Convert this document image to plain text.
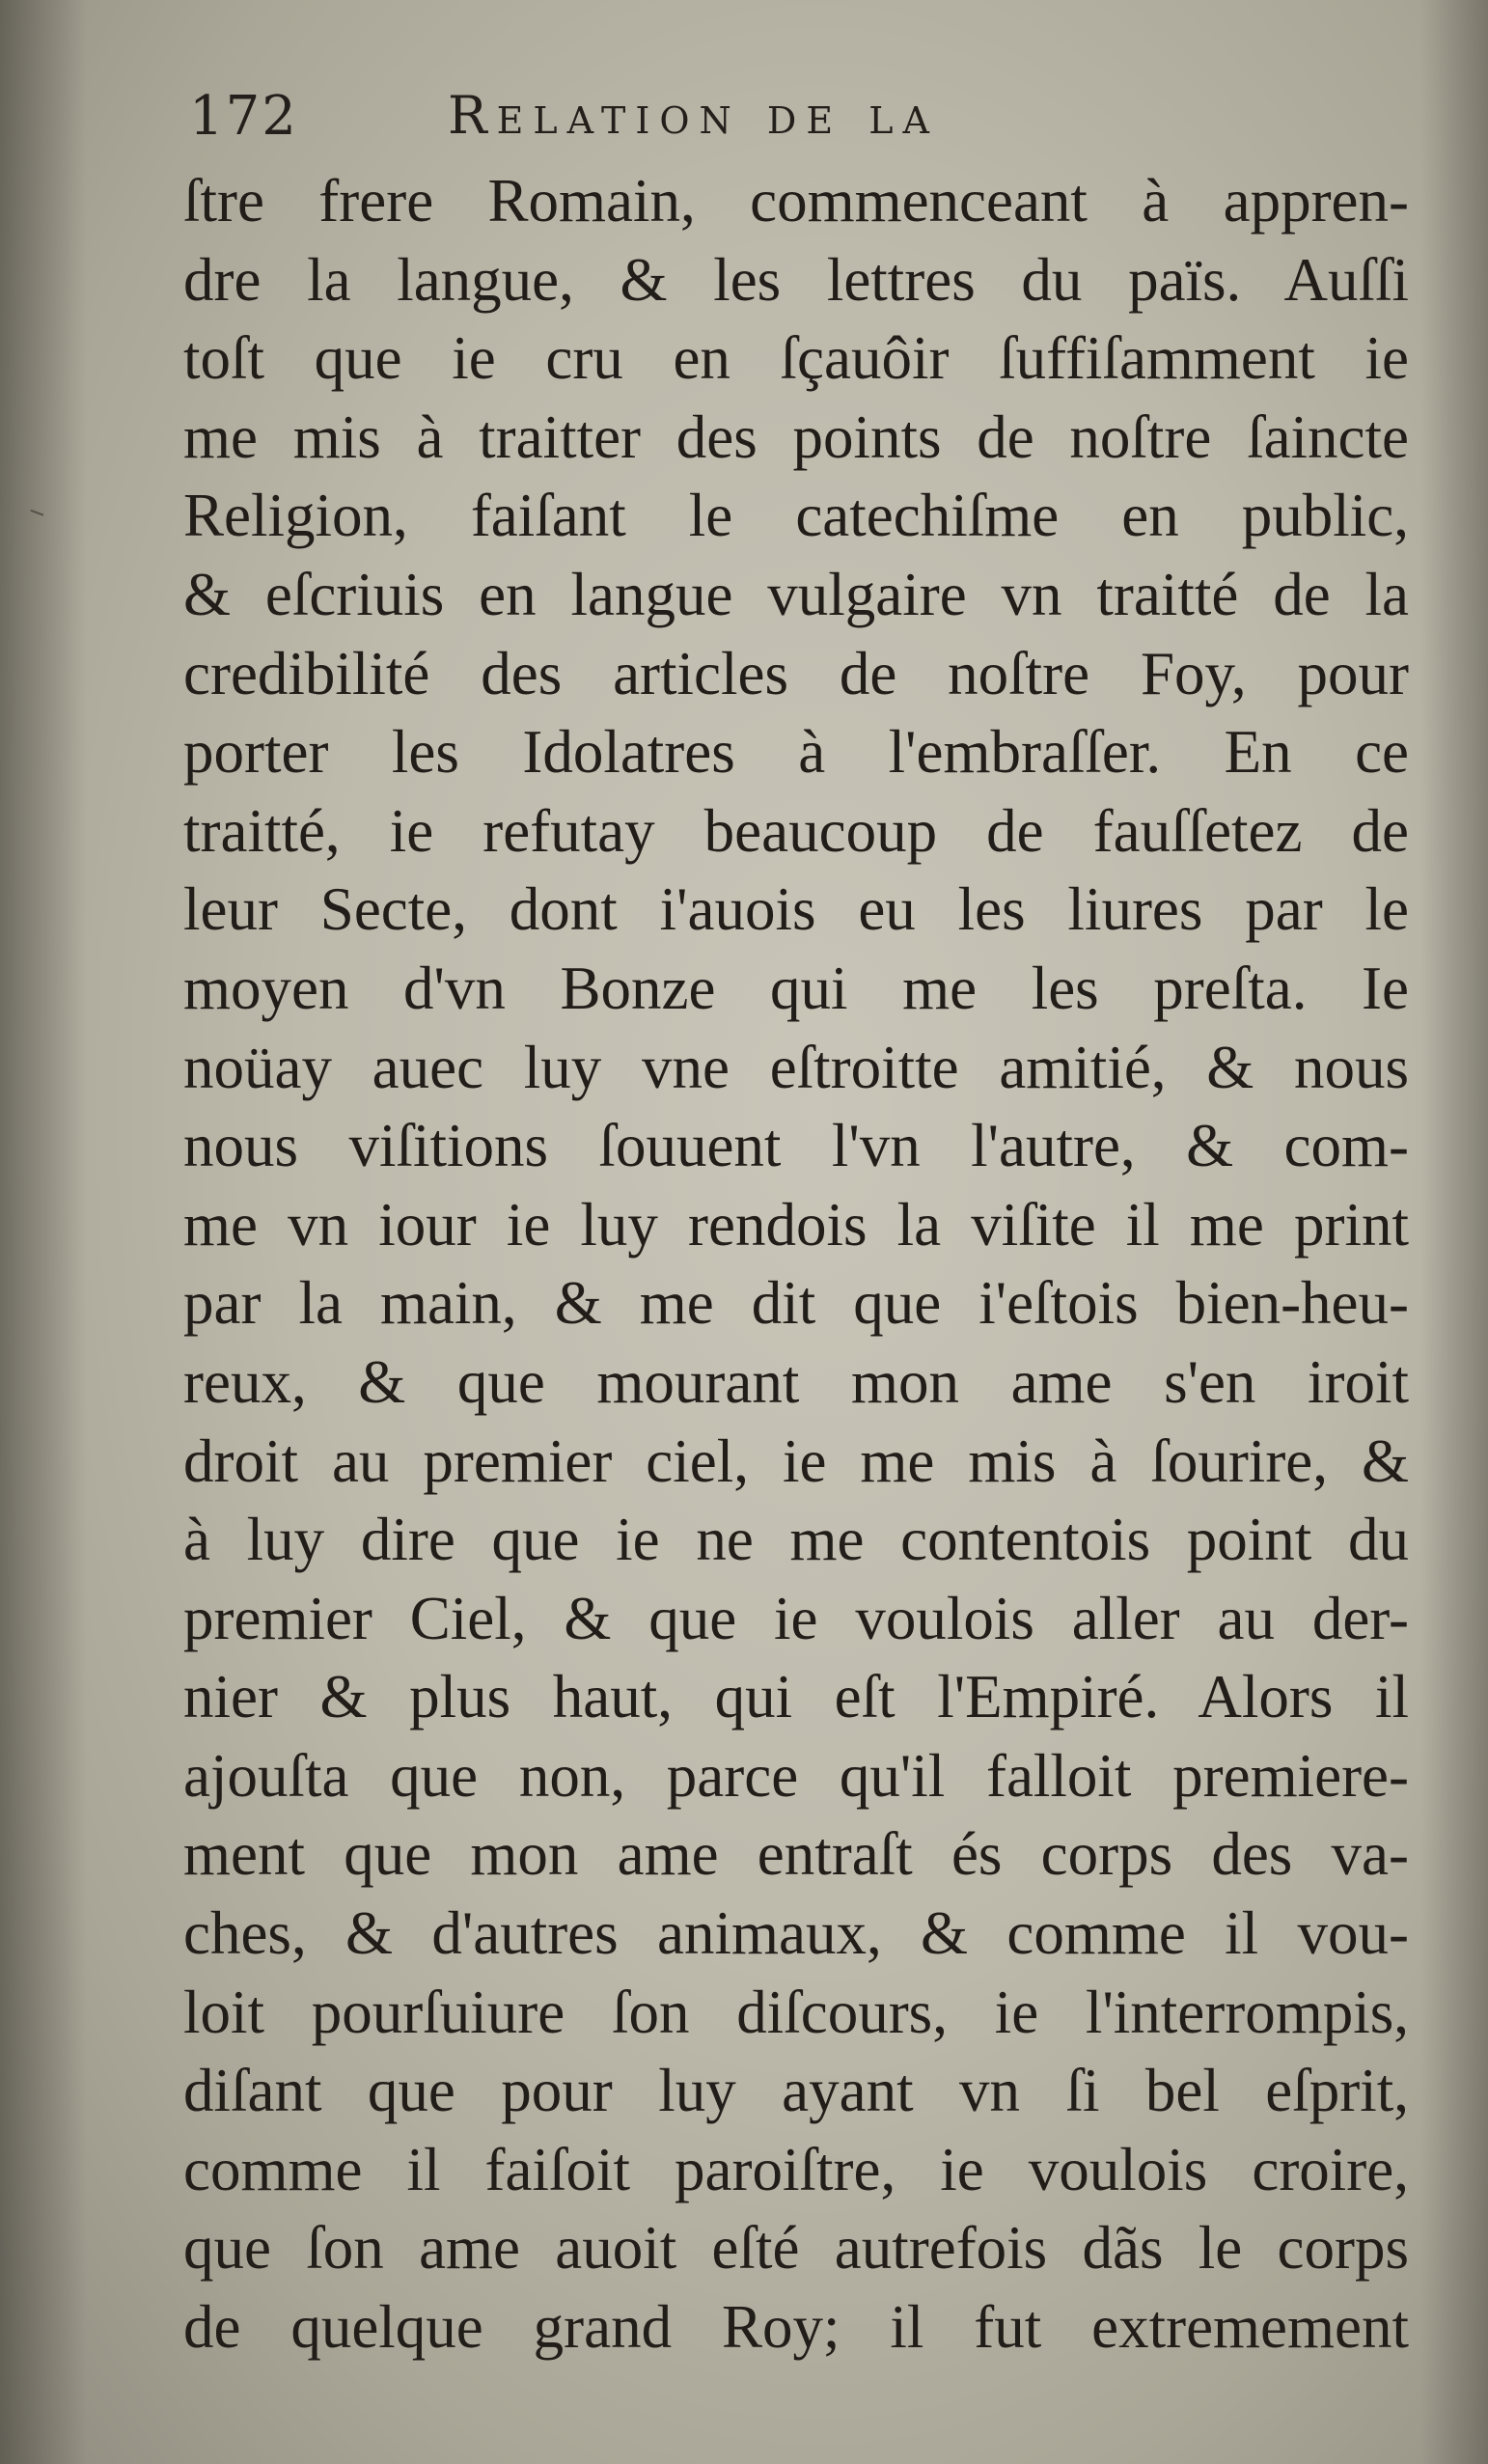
172	Relation de la
ſtre frere Romain, commenceant à appren-
dre la langue, & les lettres du païs. Auſſi
toſt que ie cru en ſçauôir ſuffiſamment ie
me mis à traitter des points de noſtre ſaincte
Religion, faiſant le catechiſme en public,
& eſcriuis en langue vulgaire vn traitté de la
credibilité des articles de noſtre Foy, pour
porter les Idolatres à l'embraſſer. En ce
traitté, ie refutay beaucoup de fauſſetez de
leur Secte, dont i'auois eu les liures par le
moyen d'vn Bonze qui me les preſta. Ie
noüay auec luy vne eſtroitte amitié, & nous
nous viſitions ſouuent l'vn l'autre, & com-
me vn iour ie luy rendois la viſite il me print
par la main, & me dit que i'eſtois bien-heu-
reux, & que mourant mon ame s'en iroit
droit au premier ciel, ie me mis à ſourire, &
à luy dire que ie ne me contentois point du
premier Ciel, & que ie voulois aller au der-
nier & plus haut, qui eſt l'Empiré. Alors il
ajouſta que non, parce qu'il falloit premiere-
ment que mon ame entraſt és corps des va-
ches, & d'autres animaux, & comme il vou-
loit pourſuiure ſon diſcours, ie l'interrompis,
diſant que pour luy ayant vn ſi bel eſprit,
comme il faiſoit paroiſtre, ie voulois croire,
que ſon ame auoit eſté autrefois dãs le corps
de quelque grand Roy; il fut extremement
